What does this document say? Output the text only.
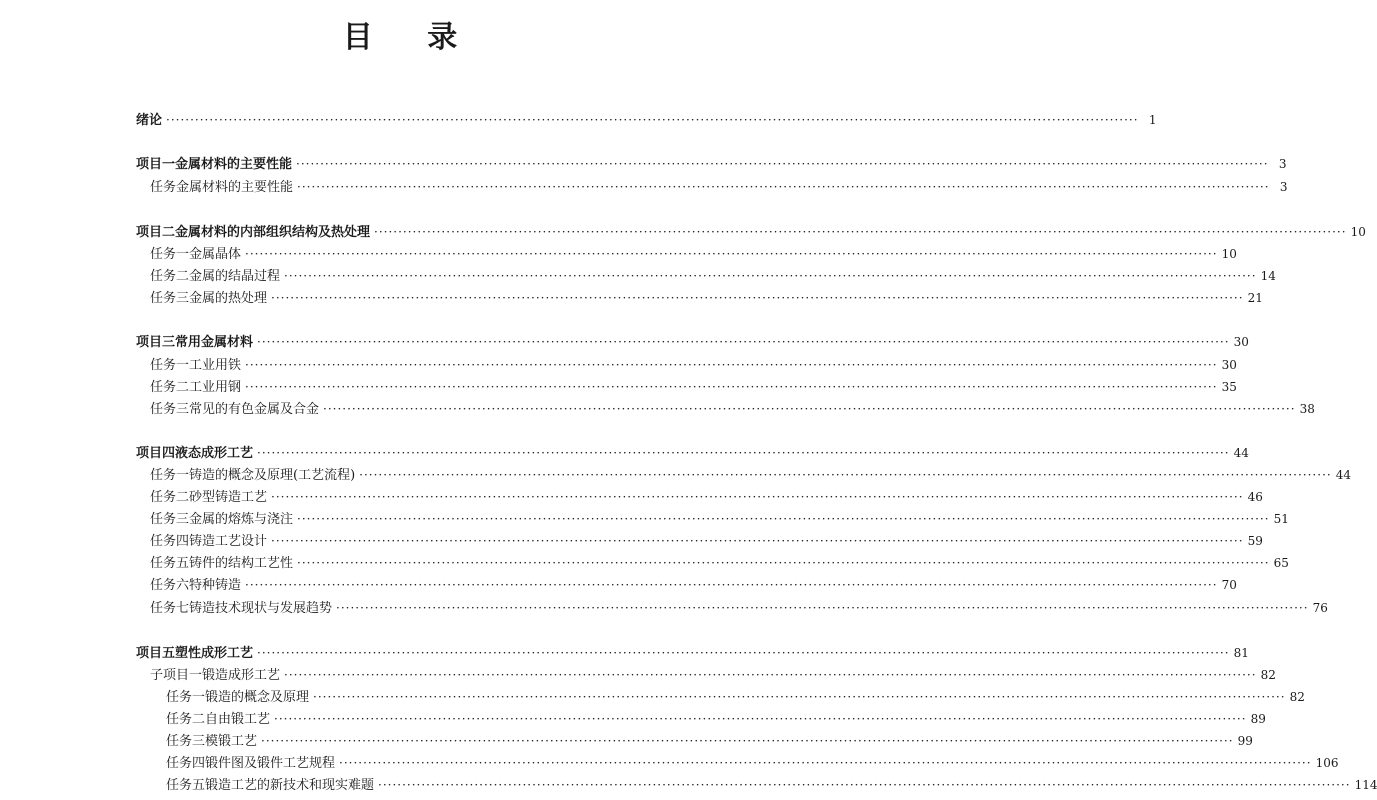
目 录
绪论 ·········································································································································································································· 1
项目一 金属材料的主要性能 ·········································································································································································································· 3
任务 金属材料的主要性能 ·········································································································································································································· 3
项目二 金属材料的内部组织结构及热处理 ·········································································································································································································· 10
任务一 金属晶体 ·········································································································································································································· 10
任务二 金属的结晶过程 ·········································································································································································································· 14
任务三 金属的热处理 ·········································································································································································································· 21
项目三 常用金属材料 ·········································································································································································································· 30
任务一 工业用铁 ·········································································································································································································· 30
任务二 工业用钢 ·········································································································································································································· 35
任务三 常见的有色金属及合金 ·········································································································································································································· 38
项目四 液态成形工艺 ·········································································································································································································· 44
任务一 铸造的概念及原理(工艺流程) ·········································································································································································································· 44
任务二 砂型铸造工艺 ·········································································································································································································· 46
任务三 金属的熔炼与浇注 ·········································································································································································································· 51
任务四 铸造工艺设计 ·········································································································································································································· 59
任务五 铸件的结构工艺性 ·········································································································································································································· 65
任务六 特种铸造 ·········································································································································································································· 70
任务七 铸造技术现状与发展趋势 ·········································································································································································································· 76
项目五 塑性成形工艺 ·········································································································································································································· 81
子项目一 锻造成形工艺 ·········································································································································································································· 82
任务一 锻造的概念及原理 ·········································································································································································································· 82
任务二 自由锻工艺 ·········································································································································································································· 89
任务三 模锻工艺 ·········································································································································································································· 99
任务四 锻件图及锻件工艺规程 ·········································································································································································································· 106
任务五 锻造工艺的新技术和现实难题 ·········································································································································································································· 114
